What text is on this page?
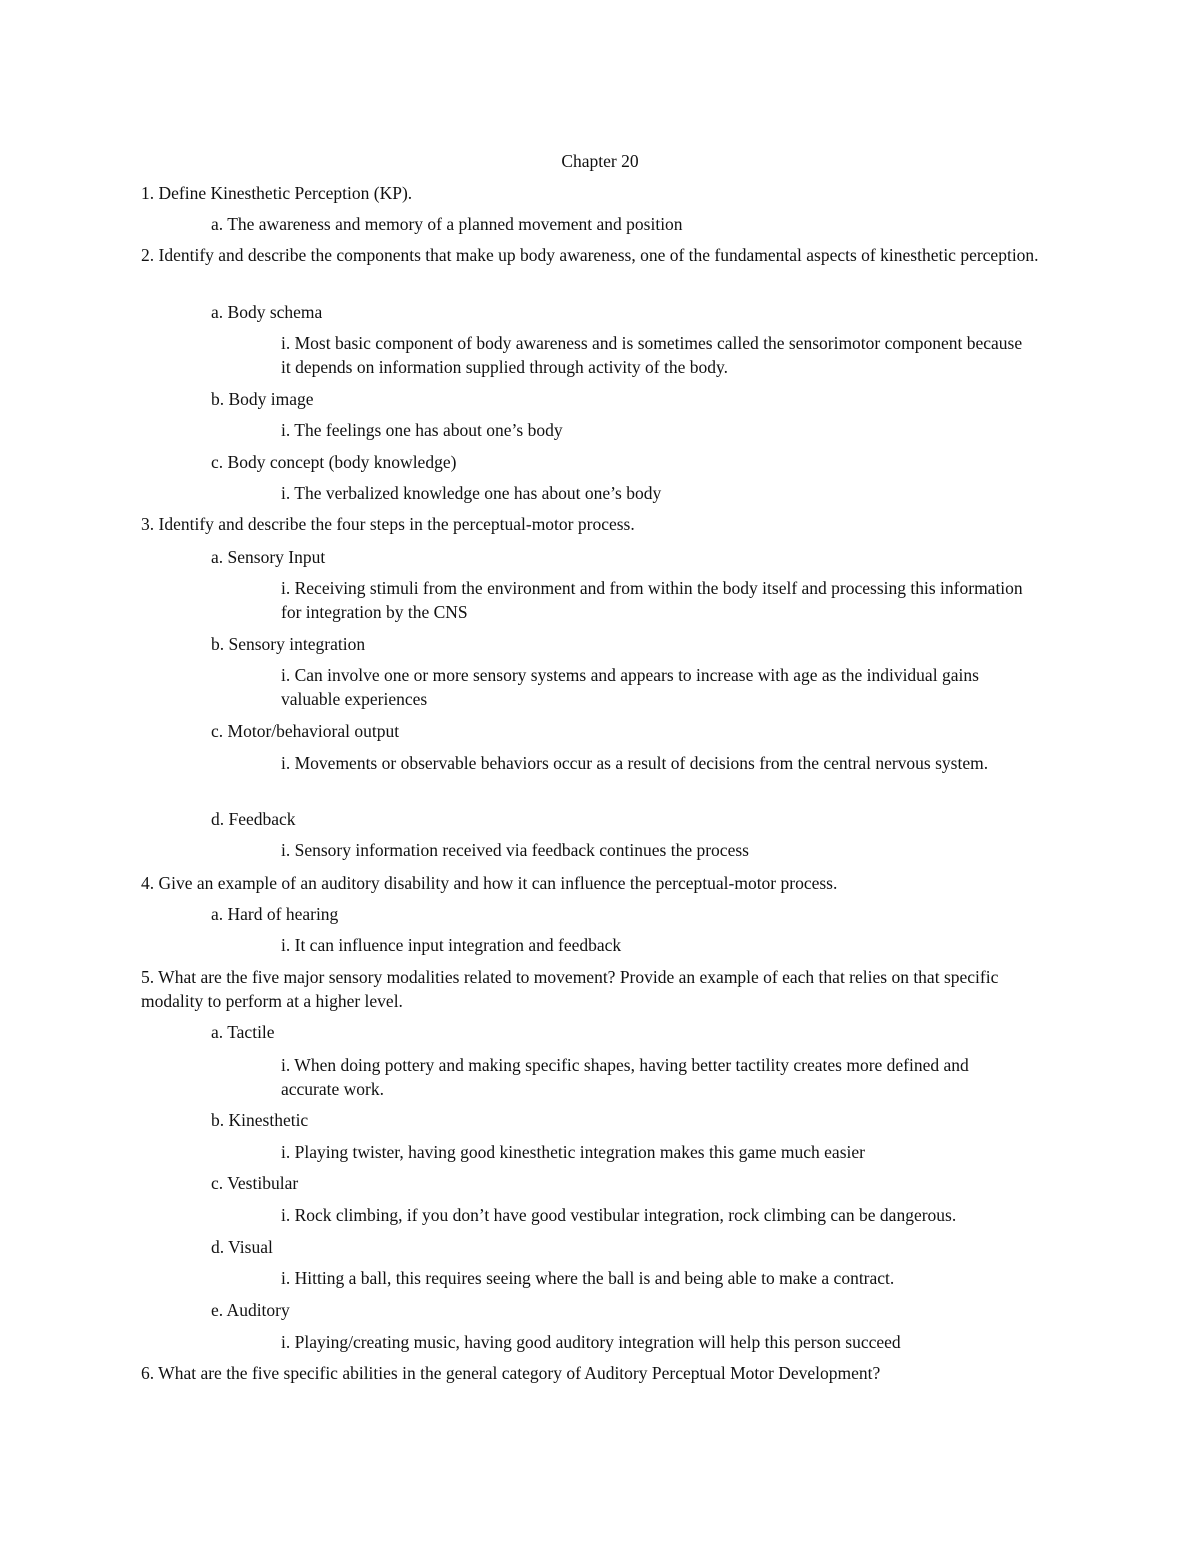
Chapter 20
1. Define Kinesthetic Perception (KP).
a. The awareness and memory of a planned movement and position
2. Identify and describe the components that make up body awareness, one of the fundamental aspects of kinesthetic perception.
a. Body schema
i. Most basic component of body awareness and is sometimes called the sensorimotor component because it depends on information supplied through activity of the body.
b. Body image
i. The feelings one has about one’s body
c. Body concept (body knowledge)
i. The verbalized knowledge one has about one’s body
3. Identify and describe the four steps in the perceptual-motor process.
a. Sensory Input
i. Receiving stimuli from the environment and from within the body itself and processing this information for integration by the CNS
b. Sensory integration
i. Can involve one or more sensory systems and appears to increase with age as the individual gains valuable experiences
c. Motor/behavioral output
i. Movements or observable behaviors occur as a result of decisions from the central nervous system.
d. Feedback
i. Sensory information received via feedback continues the process
4. Give an example of an auditory disability and how it can influence the perceptual-motor process.
a. Hard of hearing
i. It can influence input integration and feedback
5. What are the five major sensory modalities related to movement? Provide an example of each that relies on that specific modality to perform at a higher level.
a. Tactile
i. When doing pottery and making specific shapes, having better tactility creates more defined and accurate work.
b. Kinesthetic
i. Playing twister, having good kinesthetic integration makes this game much easier
c. Vestibular
i. Rock climbing, if you don’t have good vestibular integration, rock climbing can be dangerous.
d. Visual
i. Hitting a ball, this requires seeing where the ball is and being able to make a contract.
e. Auditory
i. Playing/creating music, having good auditory integration will help this person succeed
6. What are the five specific abilities in the general category of Auditory Perceptual Motor Development?
